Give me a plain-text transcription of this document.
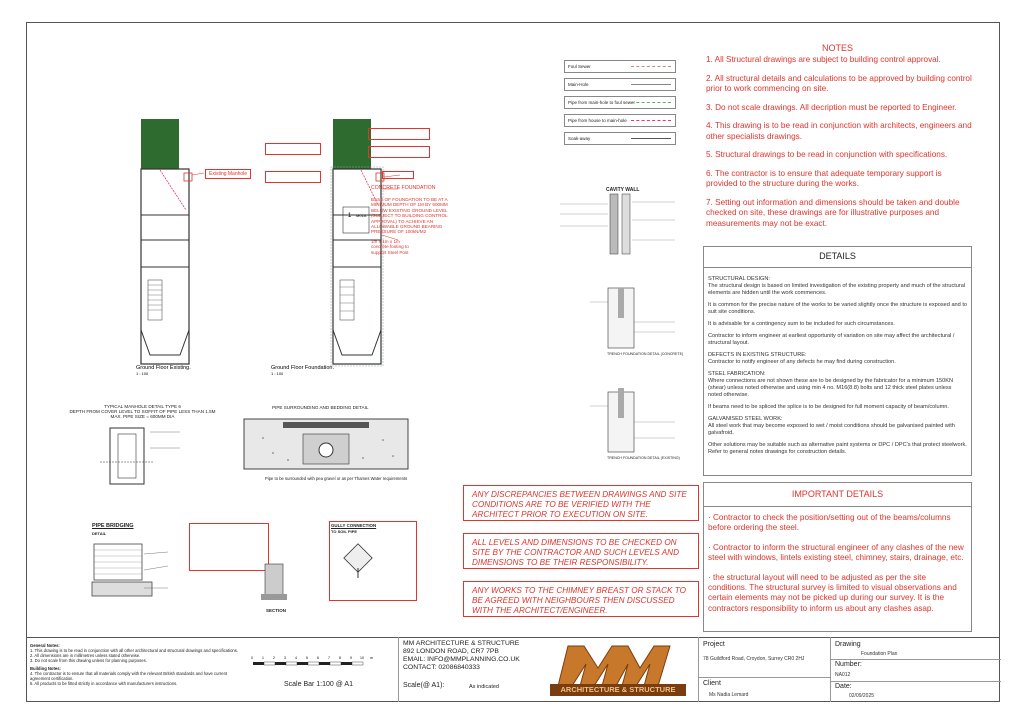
Ground Floor Existing.
1 : 100
1 M01A
Ground Floor Foundation.
1 : 100
Existing Manhole
CONCRETE FOUNDATION
BASE OF FOUNDATION TO BE AT A MINIMUM DEPTH OF 1M BY 600MM BELOW EXISTING GROUND LEVEL (SUBJECT TO BUILDING CONTROL APPROVAL) TO ACHIEVE AN ALLOWABLE GROUND BEARING PRESSURE OF 100kN/M2
1m x 1m x 1m concrete footing to support Steel Post
TYPICAL MANHOLE DETAIL TYPE 6
DEPTH FROM COVER LEVEL TO SOFFIT OF PIPE LESS THAN 1.5M
MAX. PIPE SIZE = 600MM DIA
PIPE SURROUNDING AND BEDDING DETAIL
Pipe to be surrounded with pea gravel or as per Thames Water requirements
PIPE BRIDGING
DETAIL
GULLY CONNECTION
TO SOIL PIPE
SECTION
Foul Sewer
Main-Hole
Pipe from main-hole to foul sewer
Pipe from house to main-hole
Soak-away
CAVITY WALL
TRENCH FOUNDATION DETAIL (CONCRETE)
TRENCH FOUNDATION DETAIL (EXISTING)
NOTES
1. All Structural drawings are subject to building control approval.
2. All structural details and calculations to be approved by building control prior to work commencing on site.
3. Do not scale drawings. All decription must be reported to Engineer.
4. This drawing is to be read in conjunction with architects, engineers and other specialists drawings.
5. Structural drawings to be read in conjunction with specifications.
6. The contractor is to ensure that adequate temporary support is provided to the structure during the works.
7. Setting out information and dimensions should be taken and double checked on site, these drawings are for illustrative purposes and measurements may not be exact.
DETAILS

STRUCTURAL DESIGN:

The structural design is based on limited investigation of the existing property and much of the structural elements are hidden until the work commences.

It is common for the precise nature of the works to be varied slightly once the structure is exposed and to suit site conditions.

It is advisable for a contingency sum to be included for such circumstances.

Contractor to inform engineer at earliest opportunity of variation on site may affect the architectural / structural layout.

DEFECTS IN EXISTING STRUCTURE:

Contractor to notify engineer of any defects he may find during construction.

STEEL FABRICATION:

Where connections are not shown these are to be designed by the fabricator for a minimum 150KN (shear) unless noted otherwise and using min 4 no. M16(8.8) bolts and 12 thick steel plates unless noted otherwise.

If beams need to be spliced the splice is to be designed for full moment capacity of beam/column.

GALVANISED STEEL WORK:

All steel work that may become exposed to wet / moist conditions should be galvanised painted with galvafroid.

Other solutions may be suitable such as alternative paint systems or DPC / DPC's that protect steelwork. Refer to general notes drawings for construction details.

IMPORTANT DETAILS
· Contractor to check the position/setting out of the beams/columns before ordering the steel.
· Contractor to inform the structural engineer of any clashes of the new steel with windows, lintels existing steel, chimney, stairs, drainage, etc.
· the structural layout will need to be adjusted as per the site conditions. The structural survey is limited to visual observations and certain elements may not be picked up during our survey. It is the contractors responsibility to inform us about any clashes asap.
ANY DISCREPANCIES BETWEEN DRAWINGS AND SITE CONDITIONS ARE TO BE VERIFIED WITH THE ARCHITECT PRIOR TO EXECUTION ON SITE.
ALL LEVELS AND DIMENSIONS TO BE CHECKED ON SITE BY THE CONTRACTOR AND SUCH LEVELS AND DIMENSIONS TO BE THEIR RESPONSIBILITY.
ANY WORKS TO THE CHIMNEY BREAST OR STACK TO BE AGREED WITH NEIGHBOURS THEN DISCUSSED WITH THE ARCHITECT/ENGINEER.
General Notes:
1. This drawing is to be read in conjunction with all other architectural and structural drawings and specifications.
2. All dimensions are in millimetres unless stated otherwise.
3. Do not scale from this drawing unless for planning purposes.
Building Notes:
4. The contractor is to ensure that all materials comply with the relevant British standards and have current agreement certification.
5. All products to be fitted strictly in accordance with manufacturers instructions.
0	1	2	3	4	5	6	7	8	9 10 m
Scale Bar 1:100 @ A1
MM ARCHITECTURE & STRUCTURE
892 LONDON ROAD, CR7 7PB
EMAIL: INFO@MMPLANNING.CO.UK
CONTACT: 02086840333
Scale(@ A1):	As indicated	ARCHITECTURE & STRUCTURE
Project
78 Guildford Road, Croydon, Surrey CR0 2HJ
Client
Ms Nadia Lemard
Drawing
Foundation Plan
Number:
NA012
Date:
02/09/2025
